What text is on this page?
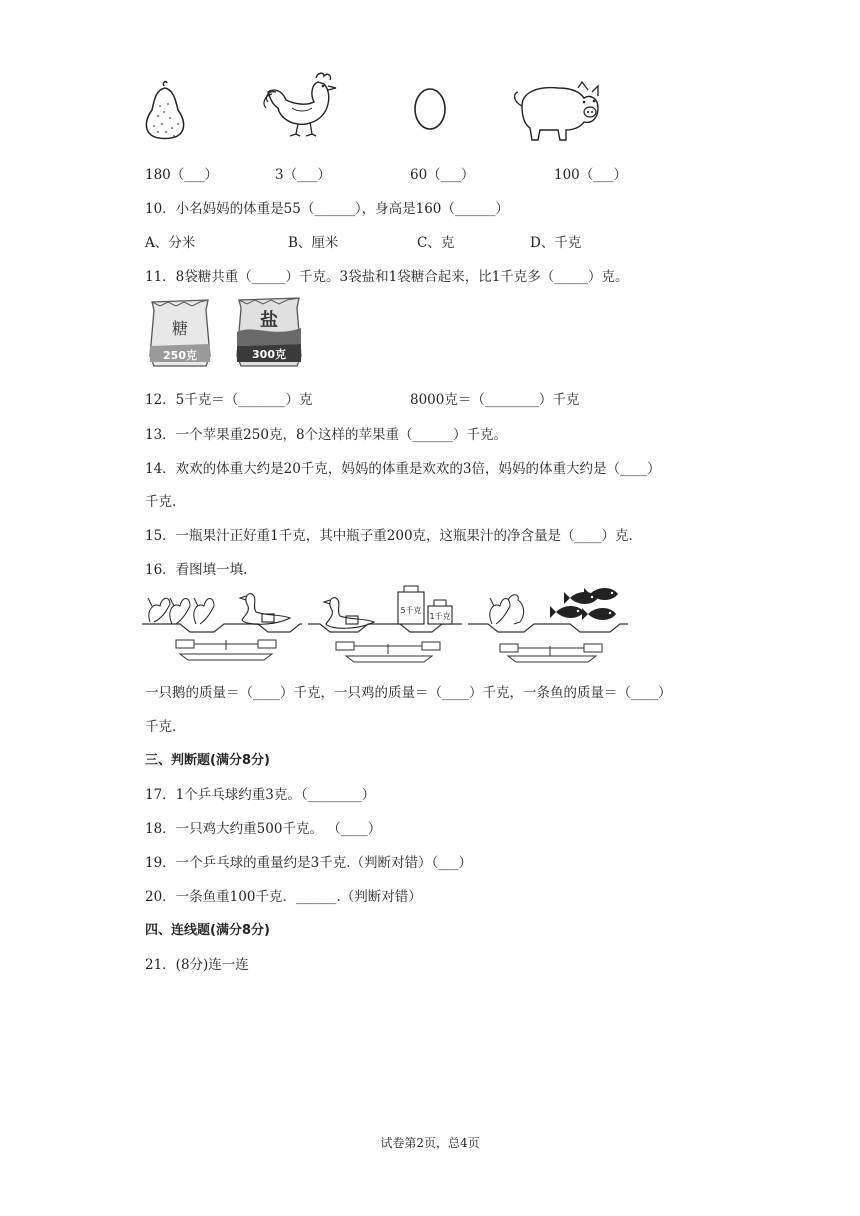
180（___）	3（___）	60（___）	100（___）
10．小名妈妈的体重是55（______），身高是160（______）
A、分米	B、厘米	C、克	D、千克
11．8袋糖共重（_____）千克。3袋盐和1袋糖合起来，比1千克多（_____）克。
糖
250克
盐
300克
12．5千克＝（_______）克	8000克＝（________）千克
13．一个苹果重250克，8个这样的苹果重（______）千克。
14．欢欢的体重大约是20千克，妈妈的体重是欢欢的3倍，妈妈的体重大约是（____）
千克.
15．一瓶果汁正好重1千克，其中瓶子重200克，这瓶果汁的净含量是（____）克.
16．看图填一填.
5千克
1千克
一只鹅的质量＝（____）千克，一只鸡的质量＝（____）千克，一条鱼的质量＝（____）
千克.
三、判断题(满分8分)
17．1个乒乓球约重3克。（________）
18．一只鸡大约重500千克。 （____）
19．一个乒乓球的重量约是3千克.（判断对错）（___）
20．一条鱼重100千克．______.（判断对错）
四、连线题(满分8分)
21．(8分)连一连
试卷第2页，总4页
